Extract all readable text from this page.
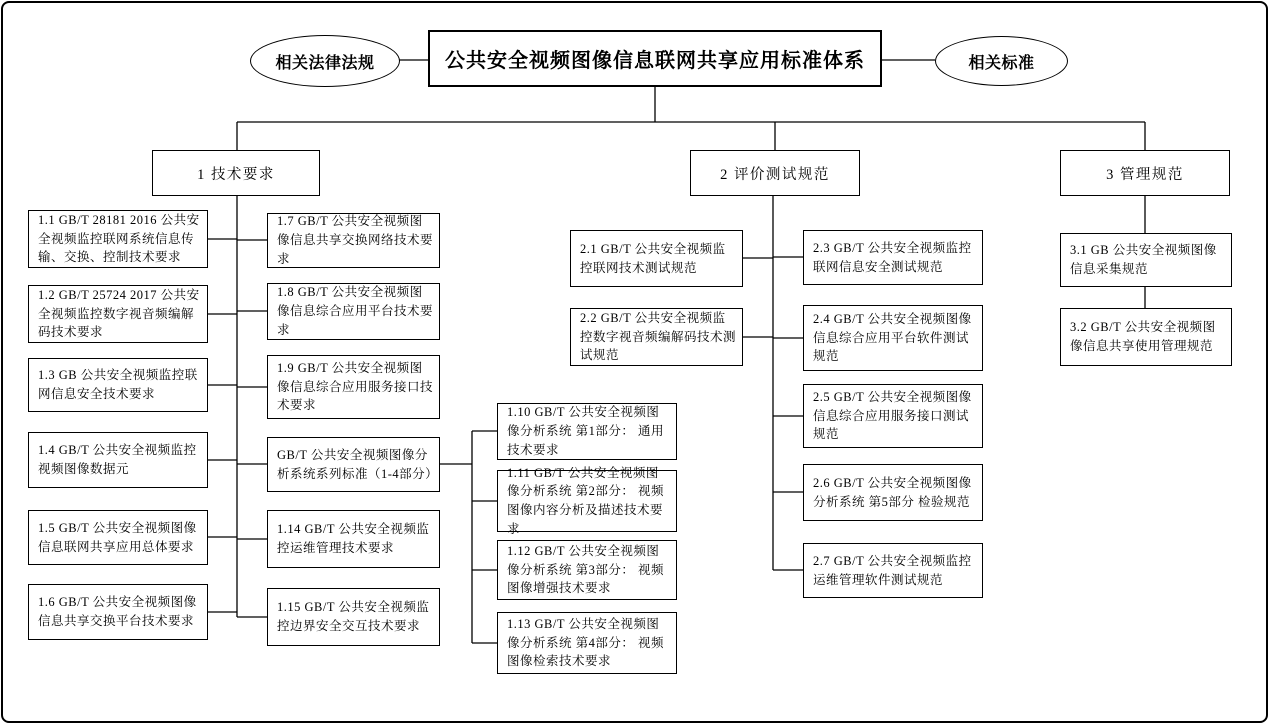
相关法律法规	公共安全视频图像信息联网共享应用标准体系	相关标准
1 技术要求	2 评价测试规范	3 管理规范
1.1 GB/T 28181 2016 公共安全视频监控联网系统信息传输、交换、控制技术要求
1.2 GB/T 25724 2017 公共安全视频监控数字视音频编解码技术要求
1.3 GB 公共安全视频监控联网信息安全技术要求
1.4 GB/T 公共安全视频监控视频图像数据元
1.5 GB/T 公共安全视频图像信息联网共享应用总体要求
1.6 GB/T 公共安全视频图像信息共享交换平台技术要求
1.7 GB/T 公共安全视频图像信息共享交换网络技术要求
1.8 GB/T 公共安全视频图像信息综合应用平台技术要求
1.9 GB/T 公共安全视频图像信息综合应用服务接口技术要求
GB/T 公共安全视频图像分析系统系列标准（1-4部分）
1.14 GB/T 公共安全视频监控运维管理技术要求
1.15 GB/T 公共安全视频监控边界安全交互技术要求
1.10 GB/T 公共安全视频图像分析系统 第1部分： 通用技术要求
1.11 GB/T 公共安全视频图像分析系统 第2部分： 视频图像内容分析及描述技术要求
1.12 GB/T 公共安全视频图像分析系统 第3部分： 视频图像增强技术要求
1.13 GB/T 公共安全视频图像分析系统 第4部分： 视频图像检索技术要求
2.1 GB/T 公共安全视频监控联网技术测试规范
2.2 GB/T 公共安全视频监控数字视音频编解码技术测试规范
2.3 GB/T 公共安全视频监控联网信息安全测试规范
2.4 GB/T 公共安全视频图像信息综合应用平台软件测试规范
2.5 GB/T 公共安全视频图像信息综合应用服务接口测试规范
2.6 GB/T 公共安全视频图像分析系统 第5部分 检验规范
2.7 GB/T 公共安全视频监控运维管理软件测试规范
3.1 GB 公共安全视频图像信息采集规范
3.2 GB/T 公共安全视频图像信息共享使用管理规范
